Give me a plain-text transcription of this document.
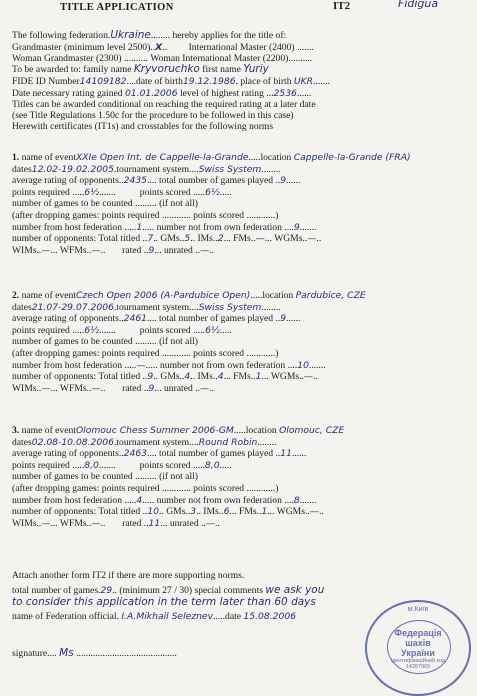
TITLE APPLICATION	IT2	Fidigua
The following federation.Ukraine........ hereby applies for the title of:
Grandmaster (minimum level 2500)..X.. International Master (2400) .......
Woman Grandmaster (2300) .......... Woman International Master (2200)..........
To be awarded to: family name Kryvoruchko first name Yuriy
FIDE ID Number14109182....date of birth19.12.1986. place of birth UKR.......
Date necessary rating gained 01.01.2006 level of highest rating ...2536......
Titles can be awarded conditional on reaching the required rating at a later date
(see Title Regulations 1.50c for the procedure to be followed in this case)
Herewith certificates (IT1s) and crosstables for the following norms
1. name of eventXXIe Open Int. de Cappelle-la-Grande.....location Cappelle-la-Grande (FRA)
dates12.02-19.02.2005.tournament system....Swiss System........
average rating of opponents..2435.... total number of games played ..9......
points required .....6½.......          points scored .....6½.....
number of games to be counted ......... (if not all)
(after dropping games: points required ............ points scored ............)
number from host federation .....1..... number not from own federation ....9.......
number of opponents: Total titled ..7.. GMs..5.. IMs..2... FMs..—... WGMs..—..
WIMs..—... WFMs..—..       rated ..9... unrated ..—..
2. name of eventCzech Open 2006 (A-Pardubice Open).....location Pardubice, CZE
dates21.07-29.07.2006.tournament system....Swiss System........
average rating of opponents..2461.... total number of games played ..9......
points required .....6½.......          points scored .....6½.....
number of games to be counted ......... (if not all)
(after dropping games: points required ............ points scored ............)
number from host federation .....—..... number not from own federation ....10.......
number of opponents: Total titled ..9.. GMs..4.. IMs..4... FMs..1... WGMs..—..
WIMs..—... WFMs..—..       rated ..9... unrated ..—..
3. name of eventOlomouc Chess Summer 2006-GM.....location Olomouc, CZE
dates02.08-10.08.2006.tournament system....Round Robin........
average rating of opponents..2463.... total number of games played ..11......
points required .....8,0.......          points scored .....8,0.....
number of games to be counted ......... (if not all)
(after dropping games: points required ............ points scored ............)
number from host federation .....4..... number not from own federation ....8.......
number of opponents: Total titled ..10.. GMs..3.. IMs..6... FMs..1... WGMs..—..
WIMs..—... WFMs..—..       rated ..11... unrated ..—..
Attach another form IT2 if there are more supporting norms.
total number of games.29.. (minimum 27 / 30) special comments we ask you
to consider this application in the term later than 60 days
name of Federation official. I.A.Mikhail Seleznev.....date 15.08.2006
signature.... Ms ..........................................
м.Київ
Федерація
шахів
України
ідентифікаційний код
14287965
